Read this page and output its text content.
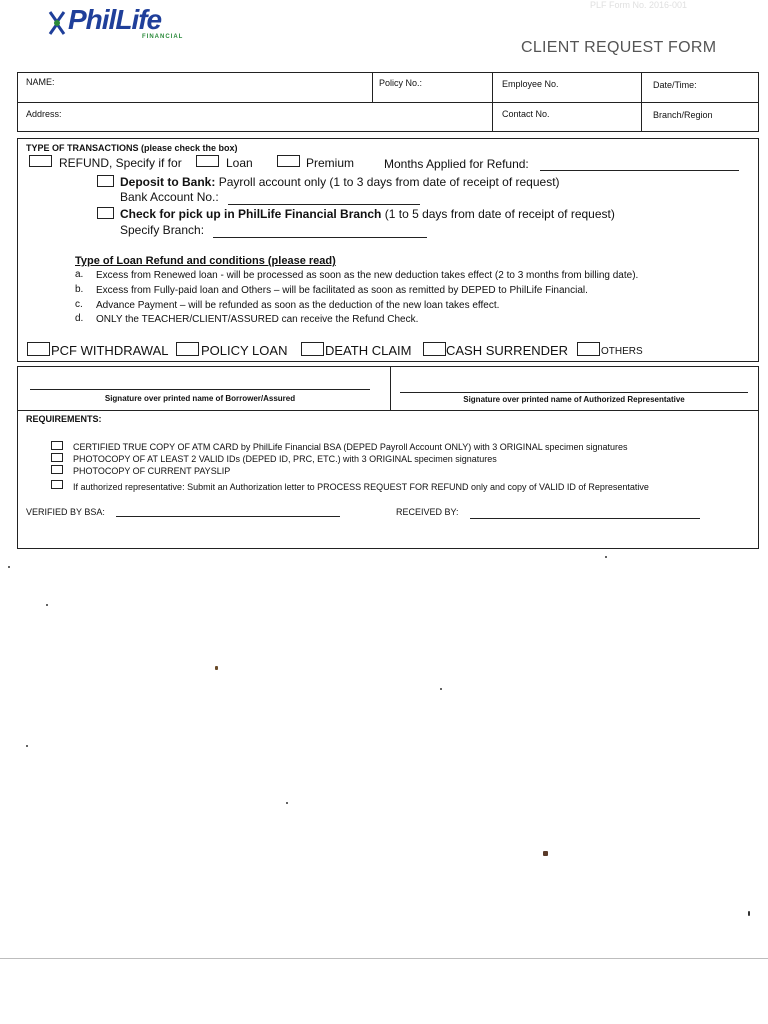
PhilLife
FINANCIAL
PLF Form No. 2016-001
CLIENT REQUEST FORM
NAME:	Policy No.:	Employee No.	Date/Time:
Address:	Contact No.	Branch/Region
TYPE OF TRANSACTIONS (please check the box)
REFUND, Specify if for	Loan	Premium Months Applied for Refund:
Deposit to Bank: Payroll account only (1 to 3 days from date of receipt of request)
Bank Account No.:
Check for pick up in PhilLife Financial Branch (1 to 5 days from date of receipt of request)
Specify Branch:
Type of Loan Refund and conditions (please read)
a. Excess from Renewed loan - will be processed as soon as the new deduction takes effect (2 to 3 months from billing date).
b. Excess from Fully-paid loan and Others – will be facilitated as soon as remitted by DEPED to PhilLife Financial.
c. Advance Payment – will be refunded as soon as the deduction of the new loan takes effect.
d. ONLY the TEACHER/CLIENT/ASSURED can receive the Refund Check.
PCF WITHDRAWAL	POLICY LOAN	DEATH CLAIM	CASH SURRENDER	OTHERS
Signature over printed name of Borrower/Assured	Signature over printed name of Authorized Representative
REQUIREMENTS:
CERTIFIED TRUE COPY OF ATM CARD by PhilLife Financial BSA (DEPED Payroll Account ONLY) with 3 ORIGINAL specimen signatures
PHOTOCOPY OF AT LEAST 2 VALID IDs (DEPED ID, PRC, ETC.) with 3 ORIGINAL specimen signatures
PHOTOCOPY OF CURRENT PAYSLIP
If authorized representative: Submit an Authorization letter to PROCESS REQUEST FOR REFUND only and copy of VALID ID of Representative
VERIFIED BY BSA:	RECEIVED BY:
